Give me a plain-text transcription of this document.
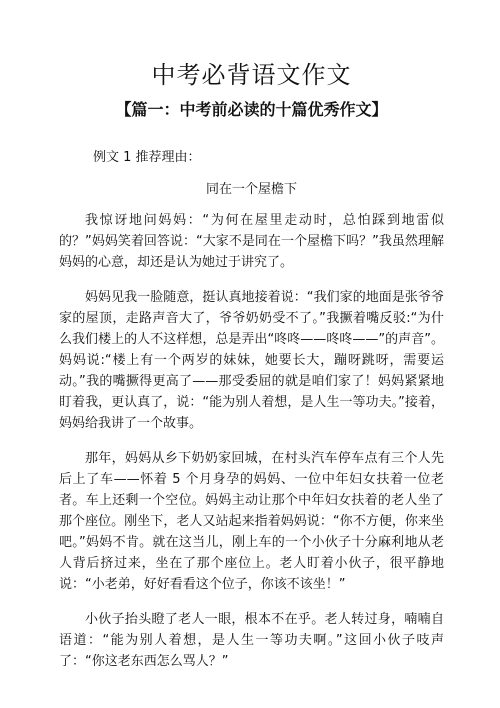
中考必背语文作文
【篇一：中考前必读的十篇优秀作文】
例文 1 推荐理由：
同在一个屋檐下

我惊讶地问妈妈：“为何在屋里走动时，总怕踩到地雷似的？”妈妈笑着回答说：“大家不是同在一个屋檐下吗？”我虽然理解妈妈的心意，却还是认为她过于讲究了。

妈妈见我一脸随意，挺认真地接着说：“我们家的地面是张爷爷家的屋顶，走路声音大了，爷爷奶奶受不了。”我撅着嘴反驳:“为什么我们楼上的人不这样想，总是弄出“咚咚——咚咚——”的声音”。妈妈说:“楼上有一个两岁的妹妹，她要长大，蹦呀跳呀，需要运动。”我的嘴撅得更高了——那受委屈的就是咱们家了！妈妈紧紧地盯着我，更认真了，说：“能为别人着想，是人生一等功夫。”接着，妈妈给我讲了一个故事。

那年，妈妈从乡下奶奶家回城，在村头汽车停车点有三个人先后上了车——怀着 5 个月身孕的妈妈、一位中年妇女扶着一位老者。车上还剩一个空位。妈妈主动让那个中年妇女扶着的老人坐了那个座位。刚坐下，老人又站起来指着妈妈说：“你不方便，你来坐吧。”妈妈不肯。就在这当儿，刚上车的一个小伙子十分麻利地从老人背后挤过来，坐在了那个座位上。老人盯着小伙子，很平静地说：“小老弟，好好看看这个位子，你该不该坐！”

小伙子抬头瞪了老人一眼，根本不在乎。老人转过身，喃喃自语道：“能为别人着想，是人生一等功夫啊。”这回小伙子吱声了：“你这老东西怎么骂人？”
